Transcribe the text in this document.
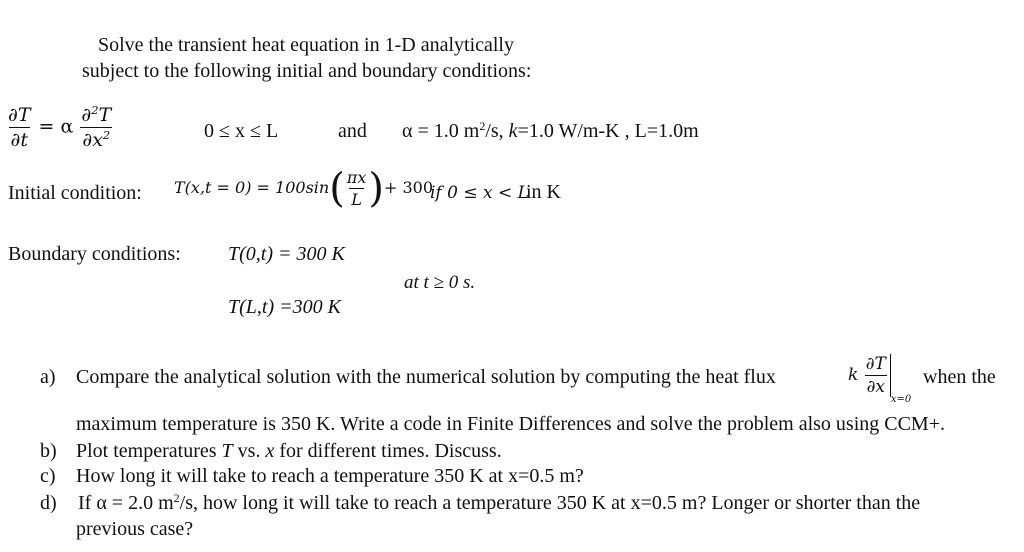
Solve the transient heat equation in 1-D analytically
subject to the following initial and boundary conditions:
$\frac{\partial T}{\partial t} = \alpha \frac{\partial^2T}{\partial x^2}$	0 ≤ x ≤ L	and α = 1.0 $m^2/s$, k=1.0 W/m-K , L=1.0m
Initial condition: $T(x,t = 0) = 100\sin( \frac{\pi x}{L}$ )+ 300
if 0 ≤ x < L
in K
Boundary conditions: T(0,t) = 300 K
at t ≥ 0 s.
T(L,t) =300 K
a) Compare the analytical solution with the numerical solution by computing the heat flux	k $\frac{\partial T}{\partial x}$
$_{x=0}$
when the
maximum temperature is 350 K. Write a code in Finite Differences and solve the problem also using CCM+.
b) Plot temperatures T vs. x for different times. Discuss.
c) How long it will take to reach a temperature 350 K at x=0.5 m?
d) If α = 2.0 $m^2/s$, how long it will take to reach a temperature 350 K at x=0.5 m? Longer or shorter than the
previous case?
